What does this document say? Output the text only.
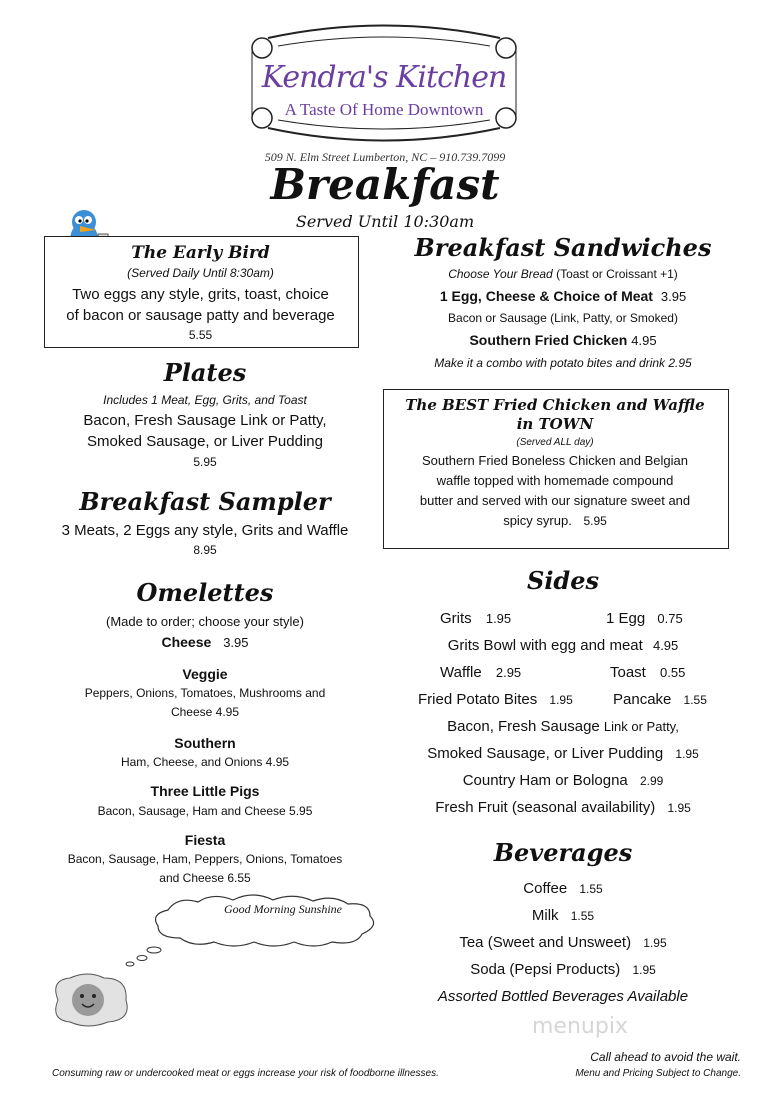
Kendra's Kitchen
A Taste Of Home Downtown
509 N. Elm Street Lumberton, NC – 910.739.7099
Breakfast
Served Until 10:30am
The Early Bird
(Served Daily Until 8:30am)
Two eggs any style, grits, toast, choice
of bacon or sausage patty and beverage
5.55
Plates
Includes 1 Meat, Egg, Grits, and Toast
Bacon, Fresh Sausage Link or Patty,
Smoked Sausage, or Liver Pudding
5.95
Breakfast Sampler
3 Meats, 2 Eggs any style, Grits and Waffle
8.95
Omelettes
(Made to order; choose your style)
Cheese 3.95
Veggie
Peppers, Onions, Tomatoes, Mushrooms and
Cheese 4.95
Southern
Ham, Cheese, and Onions 4.95
Three Little Pigs
Bacon, Sausage, Ham and Cheese 5.95
Fiesta
Bacon, Sausage, Ham, Peppers, Onions, Tomatoes
and Cheese 6.55
Good Morning Sunshine
Breakfast Sandwiches
Choose Your Bread (Toast or Croissant +1)
1 Egg, Cheese & Choice of Meat 3.95
Bacon or Sausage (Link, Patty, or Smoked)
Southern Fried Chicken 4.95
Make it a combo with potato bites and drink 2.95
The BEST Fried Chicken and Waffle
in TOWN
(Served ALL day)
Southern Fried Boneless Chicken and Belgian
waffle topped with homemade compound
butter and served with our signature sweet and
spicy syrup. 5.95
Sides
Grits 1.95	1 Egg 0.75
Grits Bowl with egg and meat 4.95
Waffle 2.95	Toast 0.55
Fried Potato Bites 1.95	Pancake 1.55
Bacon, Fresh Sausage Link or Patty,
Smoked Sausage, or Liver Pudding 1.95
Country Ham or Bologna 2.99
Fresh Fruit (seasonal availability) 1.95
Beverages
Coffee 1.55
Milk 1.55
Tea (Sweet and Unsweet) 1.95
Soda (Pepsi Products) 1.95
Assorted Bottled Beverages Available
menupix
Consuming raw or undercooked meat or eggs increase your risk of foodborne illnesses.
Call ahead to avoid the wait.
Menu and Pricing Subject to Change.
